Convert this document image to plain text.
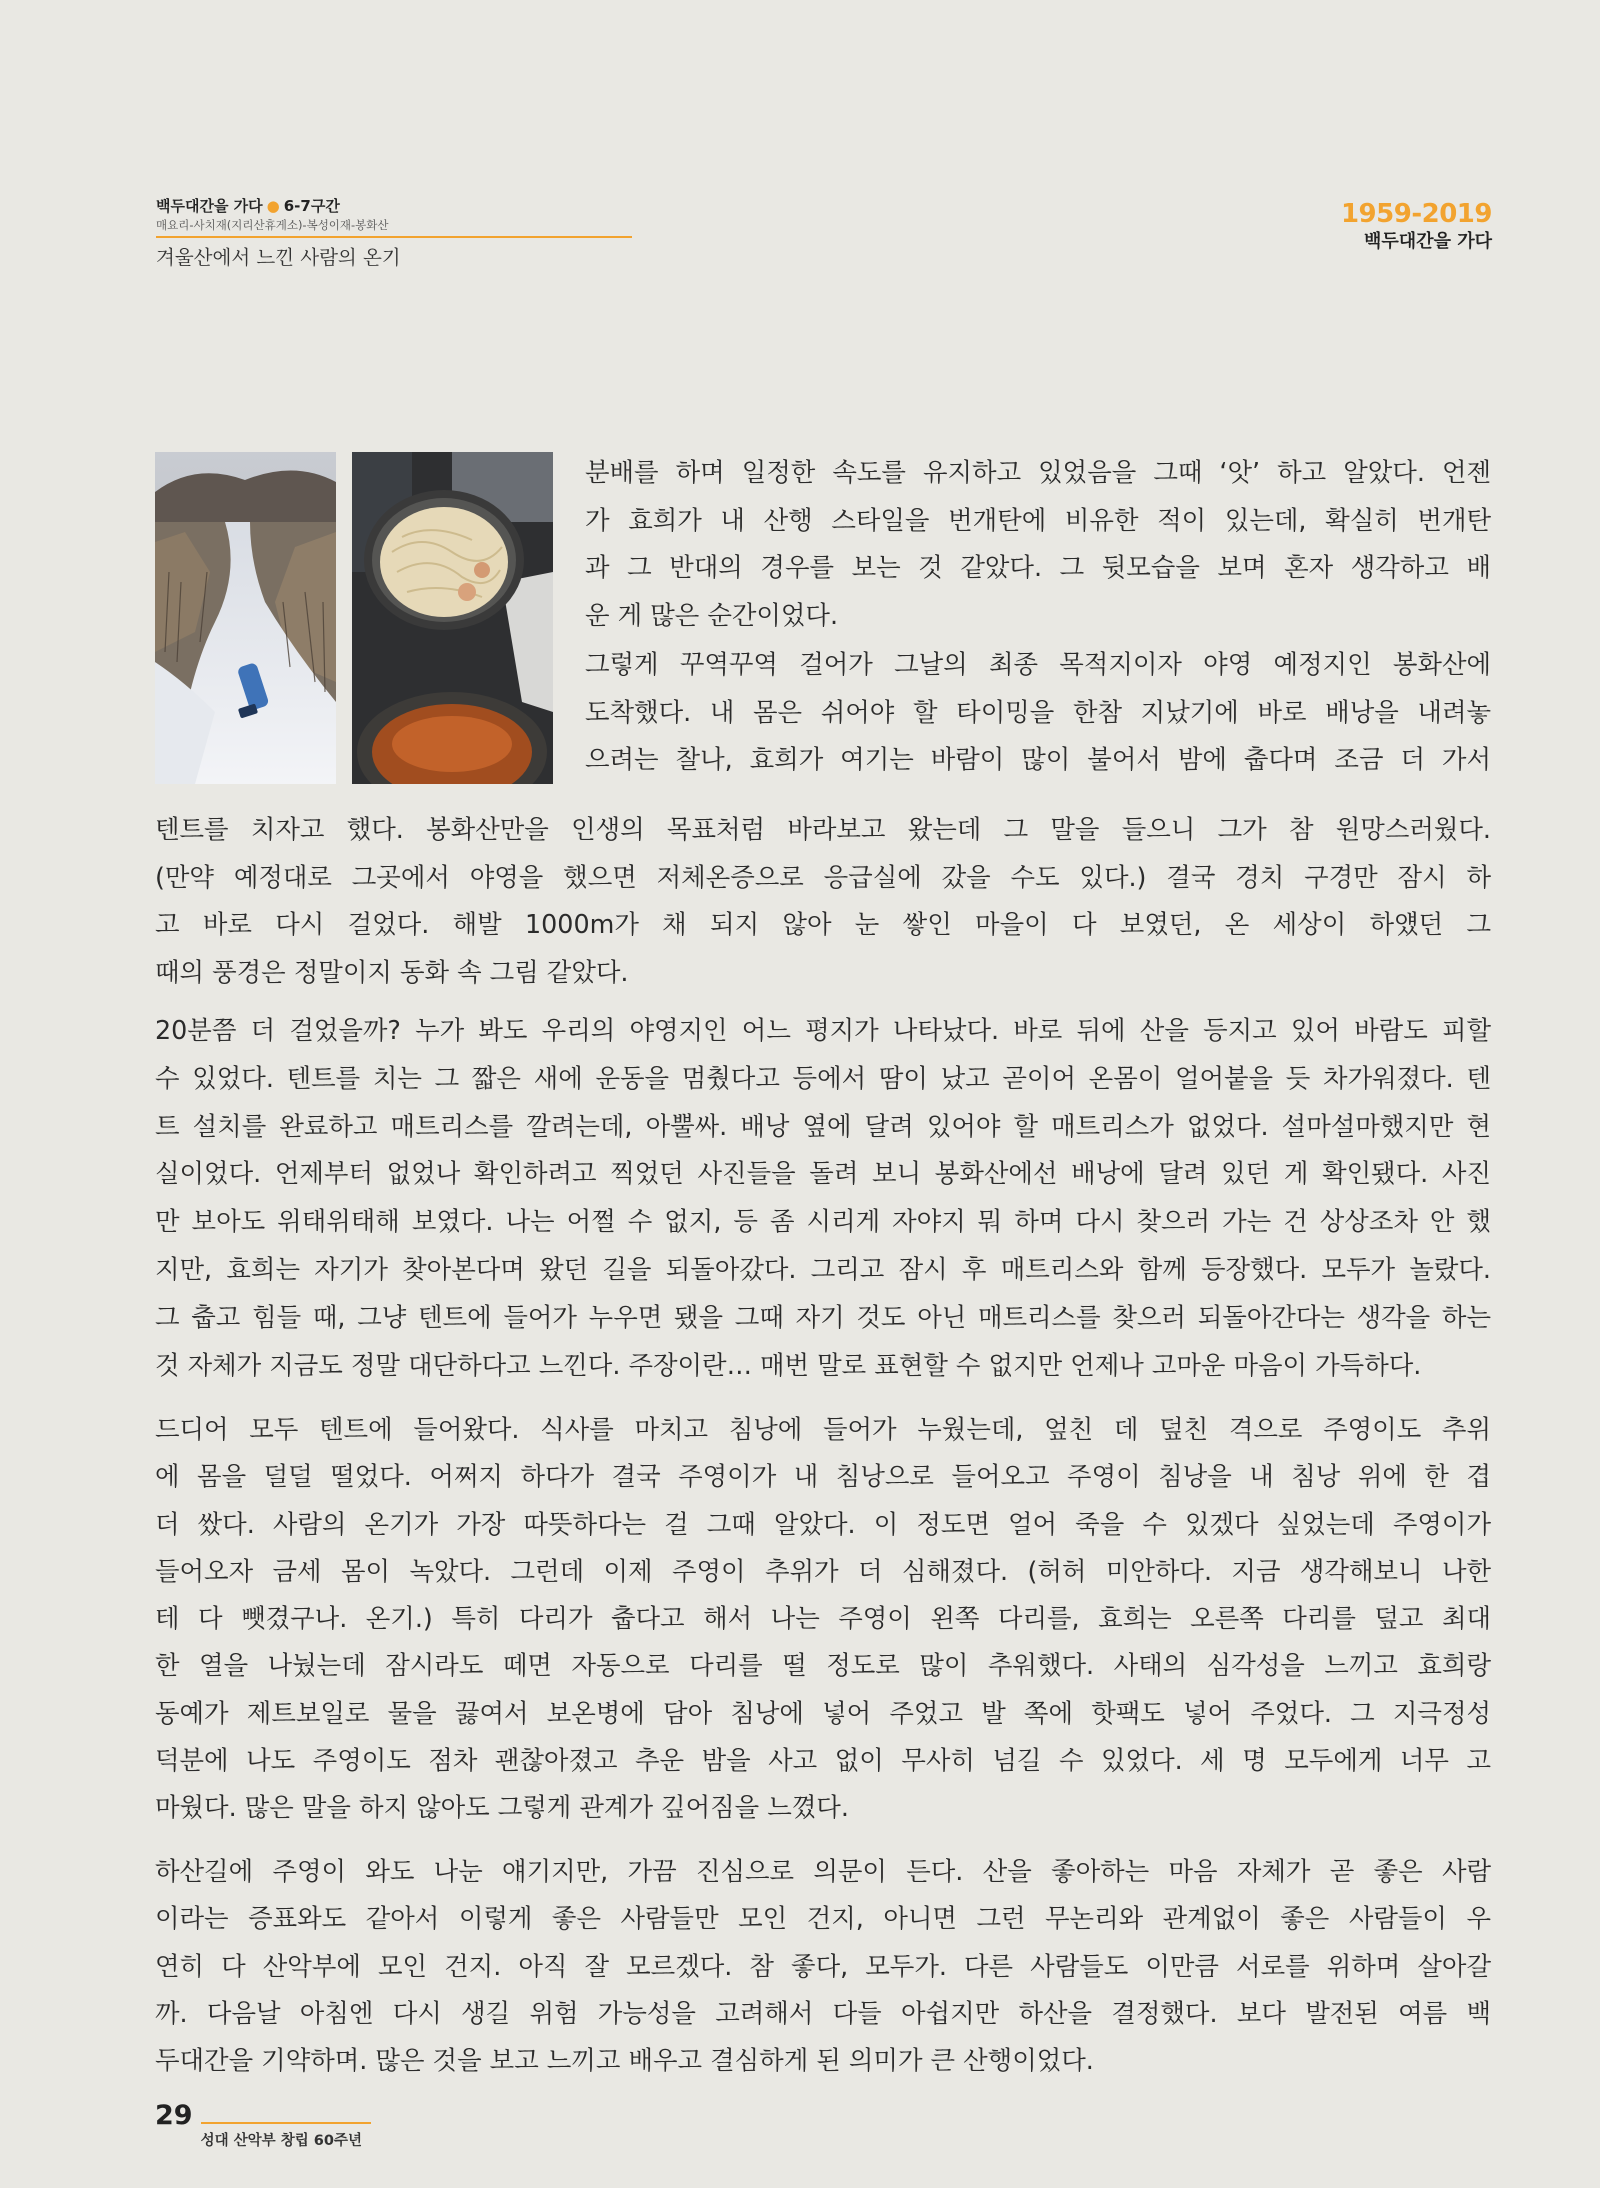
백두대간을 가다 ● 6-7구간
매요리-사치재(지리산휴게소)-복성이재-봉화산
겨울산에서 느낀 사람의 온기
1959-2019
백두대간을 가다

분배를 하며 일정한 속도를 유지하고 있었음을 그때 ‘앗’ 하고 알았다. 언젠

가 효희가 내 산행 스타일을 번개탄에 비유한 적이 있는데, 확실히 번개탄

과 그 반대의 경우를 보는 것 같았다. 그 뒷모습을 보며 혼자 생각하고 배

운 게 많은 순간이었다.

그렇게 꾸역꾸역 걸어가 그날의 최종 목적지이자 야영 예정지인 봉화산에

도착했다. 내 몸은 쉬어야 할 타이밍을 한참 지났기에 바로 배낭을 내려놓

으려는 찰나, 효희가 여기는 바람이 많이 불어서 밤에 춥다며 조금 더 가서

텐트를 치자고 했다. 봉화산만을 인생의 목표처럼 바라보고 왔는데 그 말을 들으니 그가 참 원망스러웠다.

(만약 예정대로 그곳에서 야영을 했으면 저체온증으로 응급실에 갔을 수도 있다.) 결국 경치 구경만 잠시 하

고 바로 다시 걸었다. 해발 1000m가 채 되지 않아 눈 쌓인 마을이 다 보였던, 온 세상이 하얬던 그

때의 풍경은 정말이지 동화 속 그림 같았다.

20분쯤 더 걸었을까? 누가 봐도 우리의 야영지인 어느 평지가 나타났다. 바로 뒤에 산을 등지고 있어 바람도 피할

수 있었다. 텐트를 치는 그 짧은 새에 운동을 멈췄다고 등에서 땀이 났고 곧이어 온몸이 얼어붙을 듯 차가워졌다. 텐

트 설치를 완료하고 매트리스를 깔려는데, 아뿔싸. 배낭 옆에 달려 있어야 할 매트리스가 없었다. 설마설마했지만 현

실이었다. 언제부터 없었나 확인하려고 찍었던 사진들을 돌려 보니 봉화산에선 배낭에 달려 있던 게 확인됐다. 사진

만 보아도 위태위태해 보였다. 나는 어쩔 수 없지, 등 좀 시리게 자야지 뭐 하며 다시 찾으러 가는 건 상상조차 안 했

지만, 효희는 자기가 찾아본다며 왔던 길을 되돌아갔다. 그리고 잠시 후 매트리스와 함께 등장했다. 모두가 놀랐다.

그 춥고 힘들 때, 그냥 텐트에 들어가 누우면 됐을 그때 자기 것도 아닌 매트리스를 찾으러 되돌아간다는 생각을 하는

것 자체가 지금도 정말 대단하다고 느낀다. 주장이란… 매번 말로 표현할 수 없지만 언제나 고마운 마음이 가득하다.

드디어 모두 텐트에 들어왔다. 식사를 마치고 침낭에 들어가 누웠는데, 엎친 데 덮친 격으로 주영이도 추위

에 몸을 덜덜 떨었다. 어쩌지 하다가 결국 주영이가 내 침낭으로 들어오고 주영이 침낭을 내 침낭 위에 한 겹

더 쌌다. 사람의 온기가 가장 따뜻하다는 걸 그때 알았다. 이 정도면 얼어 죽을 수 있겠다 싶었는데 주영이가

들어오자 금세 몸이 녹았다. 그런데 이제 주영이 추위가 더 심해졌다. (허허 미안하다. 지금 생각해보니 나한

테 다 뺏겼구나. 온기.) 특히 다리가 춥다고 해서 나는 주영이 왼쪽 다리를, 효희는 오른쪽 다리를 덮고 최대

한 열을 나눴는데 잠시라도 떼면 자동으로 다리를 떨 정도로 많이 추워했다. 사태의 심각성을 느끼고 효희랑

동예가 제트보일로 물을 끓여서 보온병에 담아 침낭에 넣어 주었고 발 쪽에 핫팩도 넣어 주었다. 그 지극정성

덕분에 나도 주영이도 점차 괜찮아졌고 추운 밤을 사고 없이 무사히 넘길 수 있었다. 세 명 모두에게 너무 고

마웠다. 많은 말을 하지 않아도 그렇게 관계가 깊어짐을 느꼈다.

하산길에 주영이 와도 나눈 얘기지만, 가끔 진심으로 의문이 든다. 산을 좋아하는 마음 자체가 곧 좋은 사람

이라는 증표와도 같아서 이렇게 좋은 사람들만 모인 건지, 아니면 그런 무논리와 관계없이 좋은 사람들이 우

연히 다 산악부에 모인 건지. 아직 잘 모르겠다. 참 좋다, 모두가. 다른 사람들도 이만큼 서로를 위하며 살아갈

까. 다음날 아침엔 다시 생길 위험 가능성을 고려해서 다들 아쉽지만 하산을 결정했다. 보다 발전된 여름 백

두대간을 기약하며. 많은 것을 보고 느끼고 배우고 결심하게 된 의미가 큰 산행이었다.

29
성대 산악부 창립 60주년
